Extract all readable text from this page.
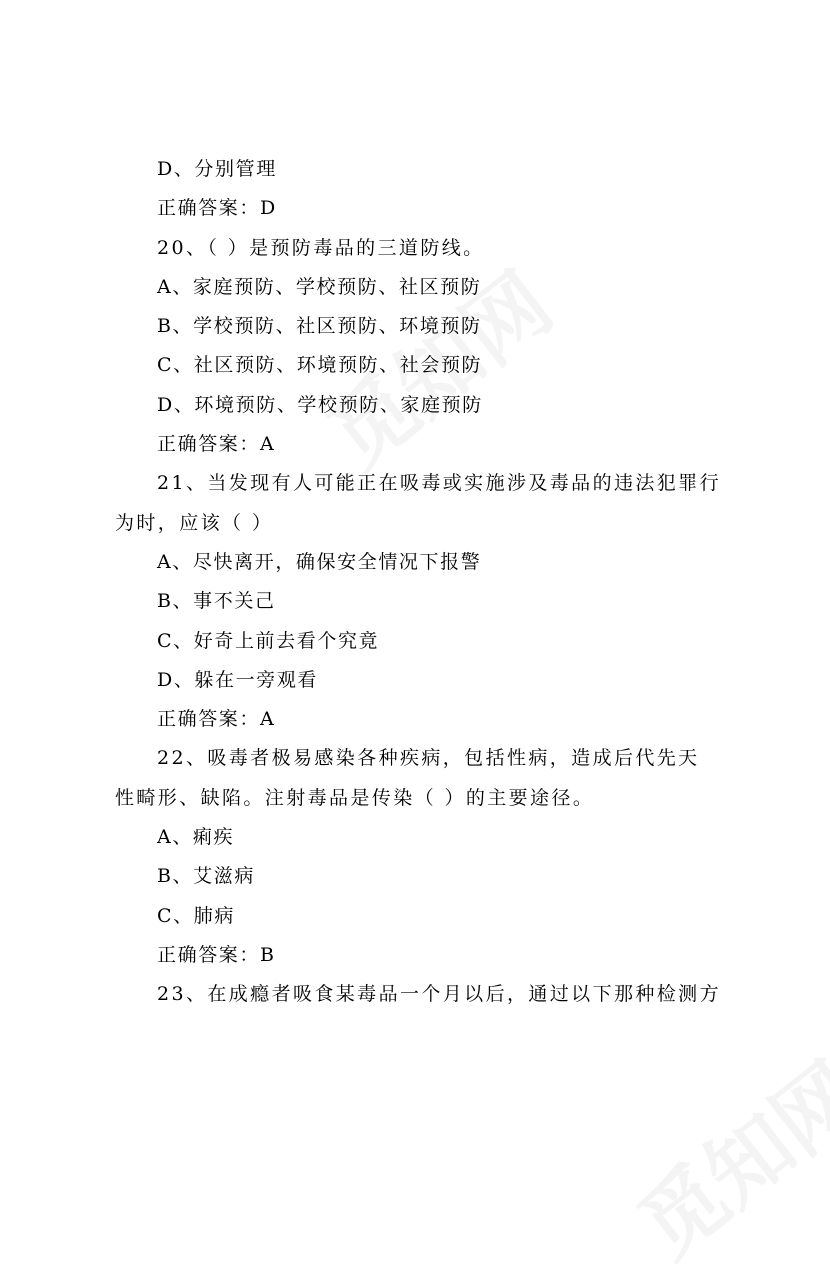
D、分别管理
正确答案：D
20、（ ）是预防毒品的三道防线。
A、家庭预防、学校预防、社区预防
B、学校预防、社区预防、环境预防
C、社区预防、环境预防、社会预防
D、环境预防、学校预防、家庭预防
正确答案：A
21、当发现有人可能正在吸毒或实施涉及毒品的违法犯罪行
为时，应该（ ）
A、尽快离开，确保安全情况下报警
B、事不关己
C、好奇上前去看个究竟
D、躲在一旁观看
正确答案：A
22、吸毒者极易感染各种疾病，包括性病，造成后代先天
性畸形、缺陷。注射毒品是传染（ ）的主要途径。
A、痢疾
B、艾滋病
C、肺病
正确答案：B
23、在成瘾者吸食某毒品一个月以后，通过以下那种检测方
